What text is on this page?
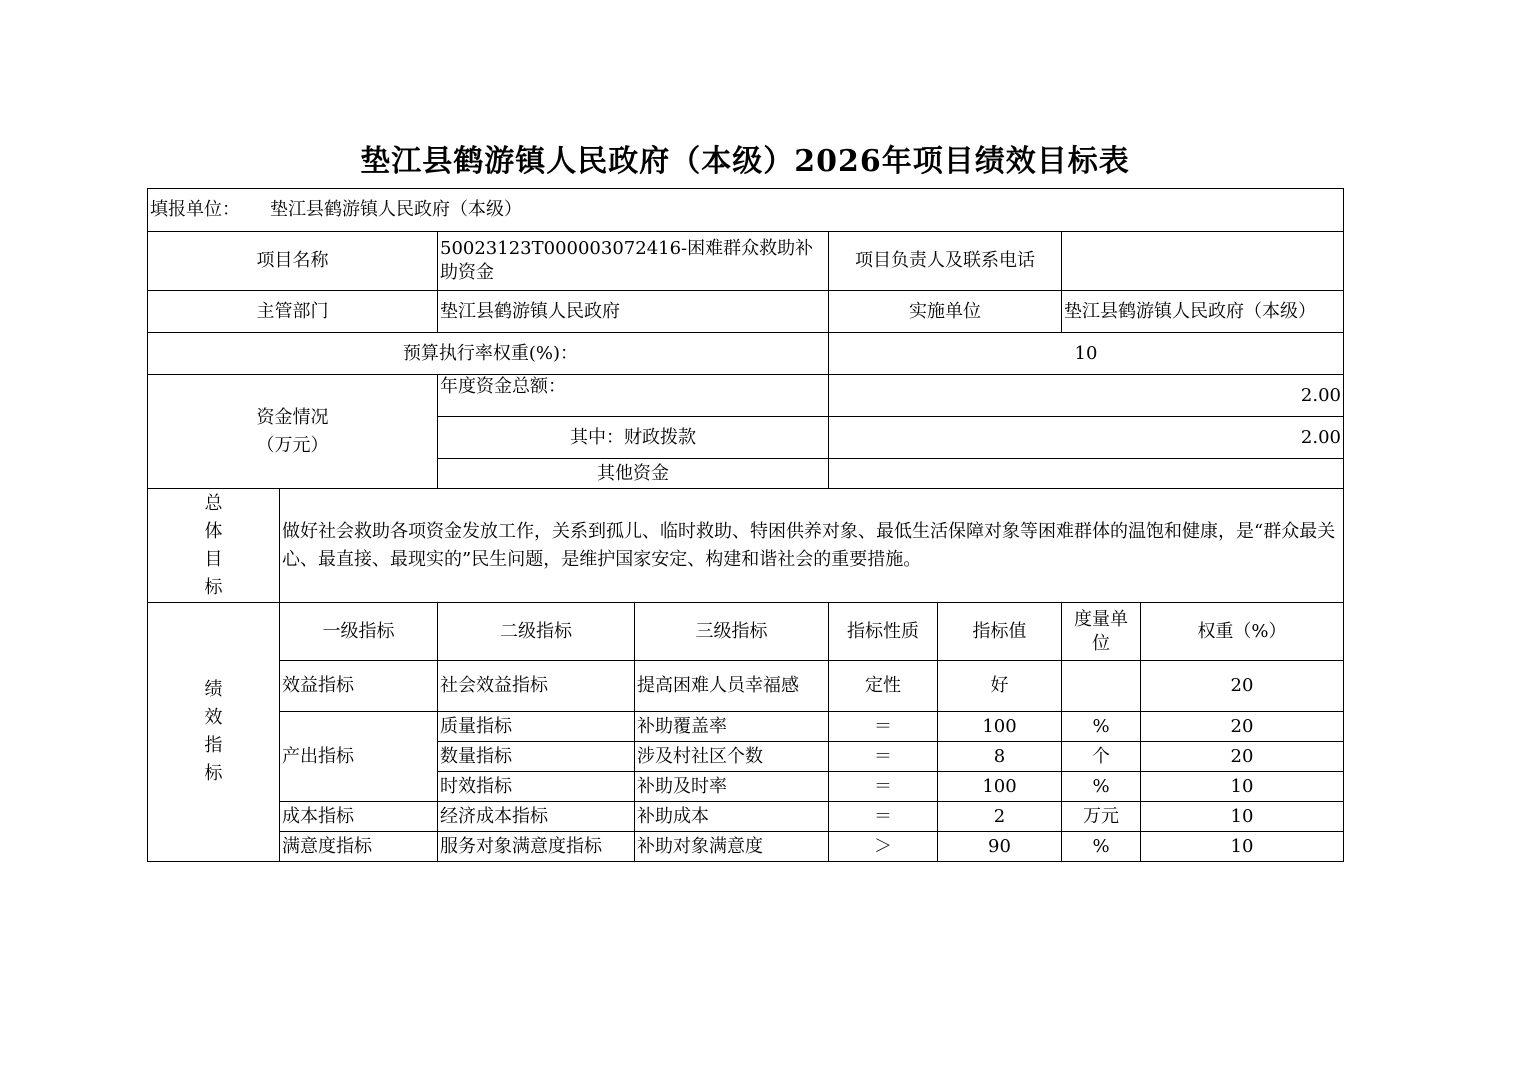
垫江县鹤游镇人民政府（本级）2026年项目绩效目标表
填报单位： 垫江县鹤游镇人民政府（本级）							
项目名称		50023123T000003072416-困难群众救助补助资金		项目负责人及联系电话			
主管部门		垫江县鹤游镇人民政府		实施单位		垫江县鹤游镇人民政府（本级）	
预算执行率权重(%)：				10			

资金情况（万元）		年度资金总额：		2.00			
		其中：财政拨款		2.00			
		其他资金					

总体目标	做好社会救助各项资金发放工作，关系到孤儿、临时救助、特困供养对象、最低生活保障对象等困难群体的温饱和健康，是“群众最关心、最直接、最现实的”民生问题，是维护国家安定、构建和谐社会的重要措施。						

绩效指标	一级指标	二级指标	三级指标	指标性质	指标值	度量单位	权重（%）
	效益指标	社会效益指标	提高困难人员幸福感	定性	好		20
	产出指标	质量指标	补助覆盖率	＝	100	%	20
		数量指标	涉及村社区个数	＝	8	个	20
		时效指标	补助及时率	＝	100	%	10
	成本指标	经济成本指标	补助成本	＝	2	万元	10
	满意度指标	服务对象满意度指标	补助对象满意度	＞	90	%	10
